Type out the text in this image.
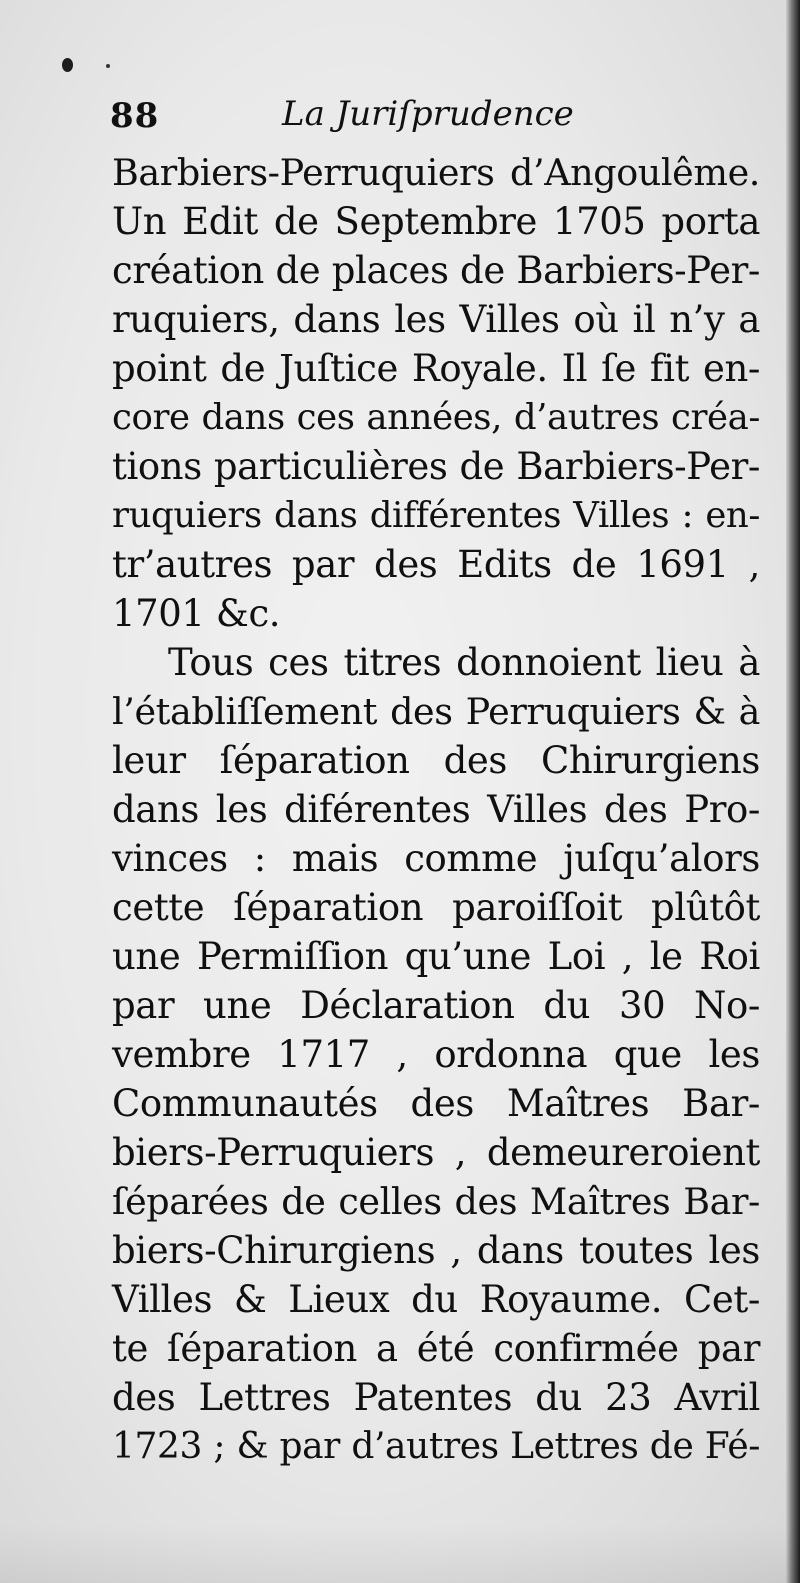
88	La Juriſprudence
Barbiers-Perruquiers d’Angoulême.
Un Edit de Septembre 1705 porta
création de places de Barbiers-Per-
ruquiers, dans les Villes où il n’y a
point de Juſtice Royale. Il ſe fit en-
core dans ces années, d’autres créa-
tions particulières de Barbiers-Per-
ruquiers dans différentes Villes : en-
tr’autres par des Edits de 1691 ,
1701 &c.
Tous ces titres donnoient lieu à
l’établiſſement des Perruquiers & à
leur ſéparation des Chirurgiens
dans les diférentes Villes des Pro-
vinces : mais comme juſqu’alors
cette ſéparation paroiſſoit plûtôt
une Permiſſion qu’une Loi , le Roi
par une Déclaration du 30 No-
vembre 1717 , ordonna que les
Communautés des Maîtres Bar-
biers-Perruquiers , demeureroient
ſéparées de celles des Maîtres Bar-
biers-Chirurgiens , dans toutes les
Villes & Lieux du Royaume. Cet-
te ſéparation a été confirmée par
des Lettres Patentes du 23 Avril
1723 ; & par d’autres Lettres de Fé-
